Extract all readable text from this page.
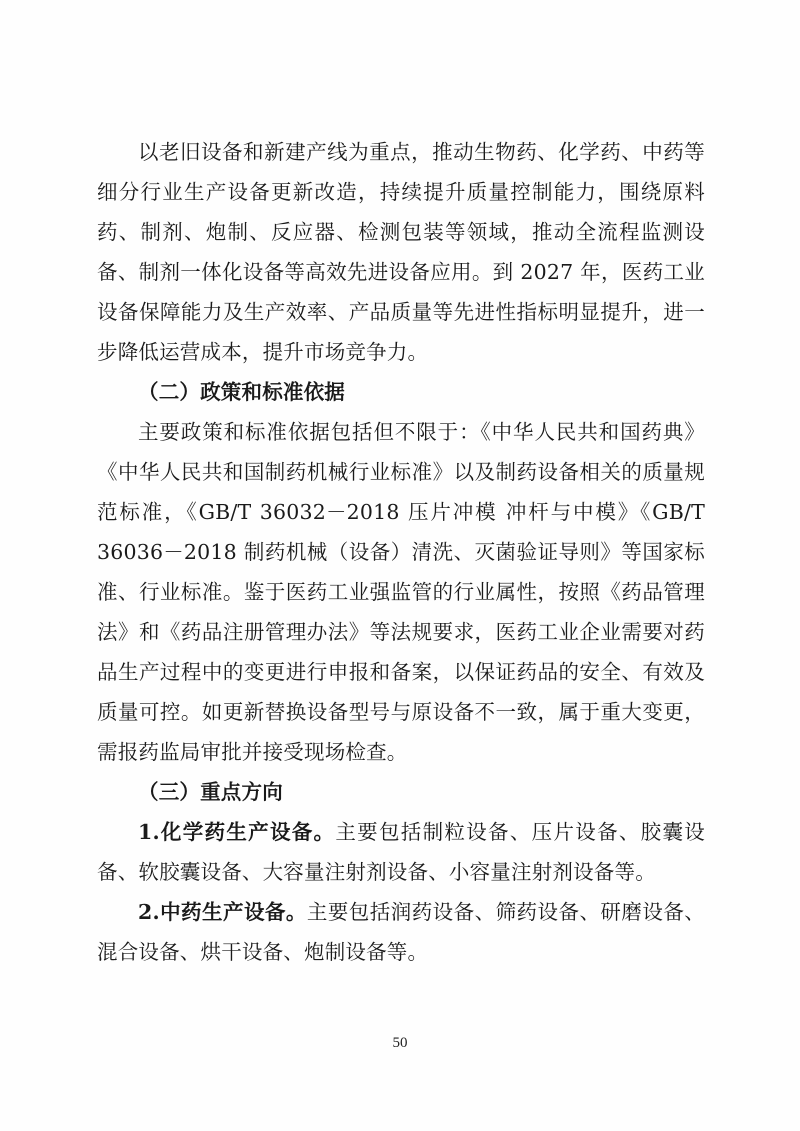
以老旧设备和新建产线为重点，推动生物药、化学药、中药等细分行业生产设备更新改造，持续提升质量控制能力，围绕原料药、制剂、炮制、反应器、检测包装等领域，推动全流程监测设备、制剂一体化设备等高效先进设备应用。到 2027 年，医药工业设备保障能力及生产效率、产品质量等先进性指标明显提升，进一步降低运营成本，提升市场竞争力。

（二）政策和标准依据

主要政策和标准依据包括但不限于：《中华人民共和国药典》《中华人民共和国制药机械行业标准》以及制药设备相关的质量规范标准，《GB/T 36032－2018 压片冲模 冲杆与中模》《GB/T 36036－2018 制药机械（设备）清洗、灭菌验证导则》等国家标准、行业标准。鉴于医药工业强监管的行业属性，按照《药品管理法》和《药品注册管理办法》等法规要求，医药工业企业需要对药品生产过程中的变更进行申报和备案，以保证药品的安全、有效及质量可控。如更新替换设备型号与原设备不一致，属于重大变更，需报药监局审批并接受现场检查。

（三）重点方向

1.化学药生产设备。主要包括制粒设备、压片设备、胶囊设备、软胶囊设备、大容量注射剂设备、小容量注射剂设备等。

2.中药生产设备。主要包括润药设备、筛药设备、研磨设备、混合设备、烘干设备、炮制设备等。

50
